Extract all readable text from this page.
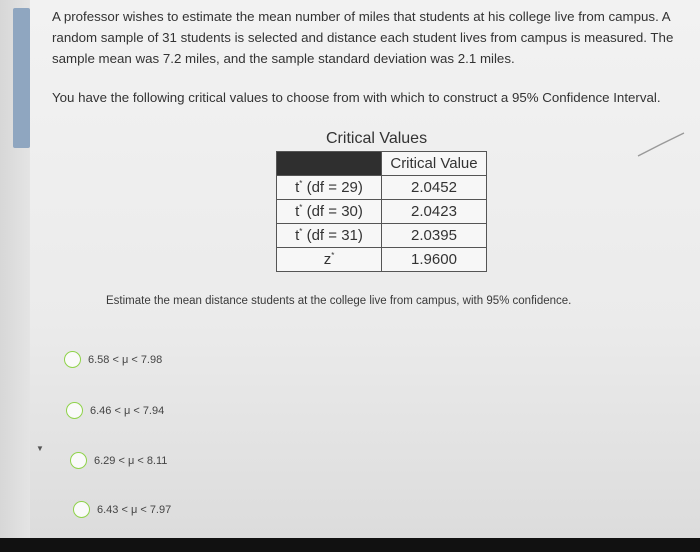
▼
A professor wishes to estimate the mean number of miles that students at his college live from campus. A
random sample of 31 students is selected and distance each student lives from campus is measured. The
sample mean was 7.2 miles, and the sample standard deviation was 2.1 miles.
You have the following critical values to choose from with which to construct a 95% Confidence Interval.
Critical Values
	Critical Value
t* (df = 29)	2.0452
t* (df = 30)	2.0423
t* (df = 31)	2.0395
z*	1.9600
Estimate the mean distance students at the college live from campus, with 95% confidence.
6.58 < μ < 7.98
6.46 < μ < 7.94
6.29 < μ < 8.11
6.43 < μ < 7.97
